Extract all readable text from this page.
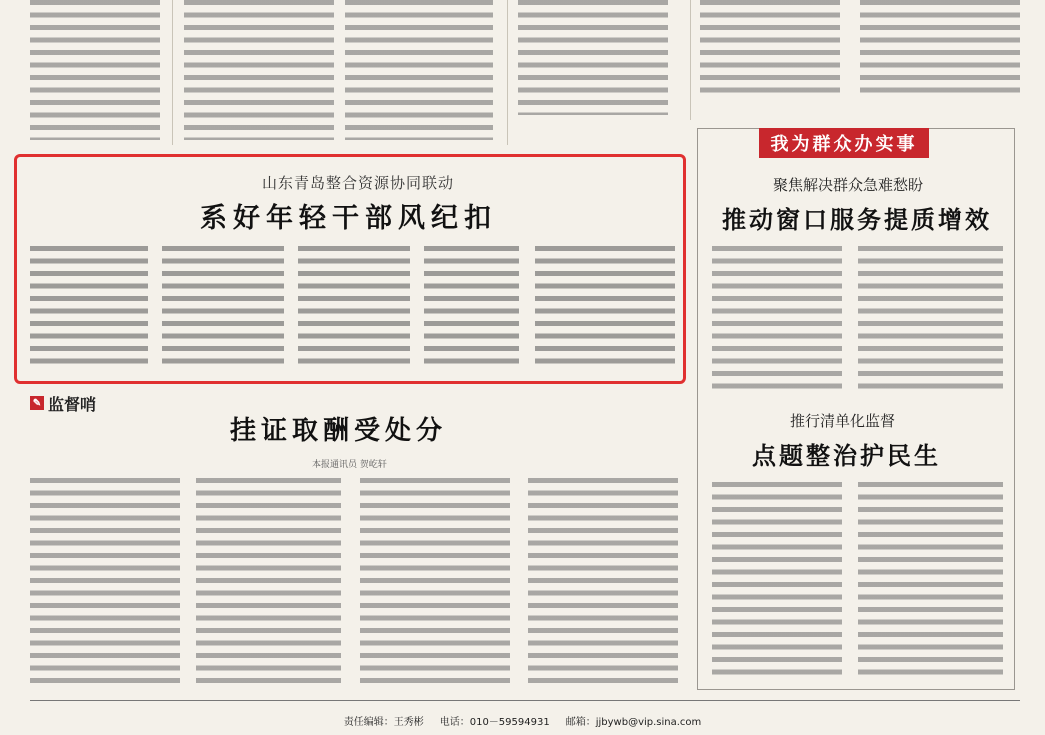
山东青岛整合资源协同联动
系好年轻干部风纪扣
✎ 监督哨
挂证取酬受处分
本报通讯员 贺屹轩
我为群众办实事
聚焦解决群众急难愁盼
推动窗口服务提质增效
推行清单化监督
点题整治护民生
责任编辑：王秀彬 电话：010－59594931 邮箱：jjbywb@vip.sina.com
